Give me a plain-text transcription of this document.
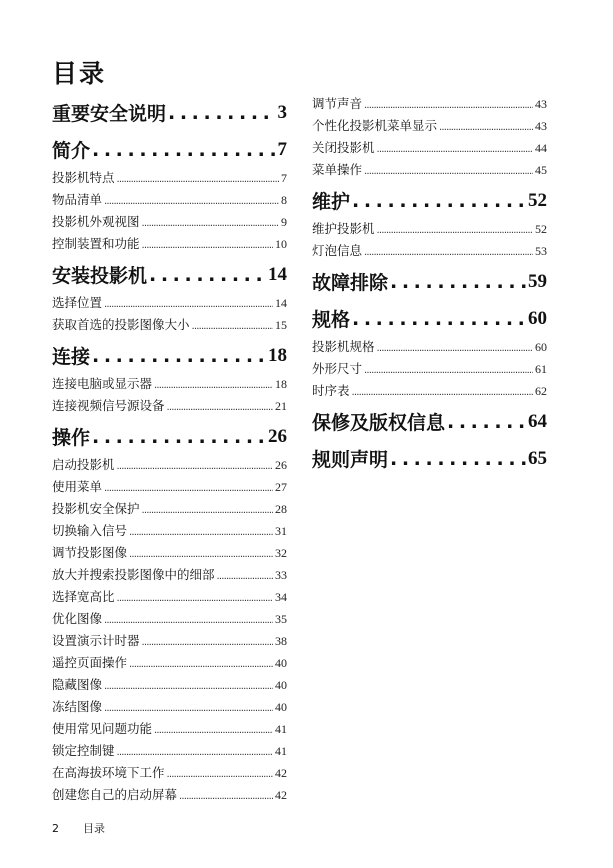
目录
重要安全说明 . . .	3
简介 . . .	7
投影机特点 . . .	7
物品清单 . . .	8
投影机外观视图 . . .	9
控制装置和功能 . . .	10
安装投影机 . . .	14
选择位置 . . .	14
获取首选的投影图像大小 . . .	15
连接 . . .	18
连接电脑或显示器 . . .	18
连接视频信号源设备 . . .	21
操作 . . .	26
启动投影机 . . .	26
使用菜单 . . .	27
投影机安全保护 . . .	28
切换输入信号 . . .	31
调节投影图像 . . .	32
放大并搜索投影图像中的细部 . . .	33
选择宽高比 . . .	34
优化图像 . . .	35
设置演示计时器 . . .	38
遥控页面操作 . . .	40
隐藏图像 . . .	40
冻结图像 . . .	40
使用常见问题功能 . . .	41
锁定控制键 . . .	41
在高海拔环境下工作 . . .	42
创建您自己的启动屏幕 . . .	42
调节声音 . . .	43
个性化投影机菜单显示 . . .	43
关闭投影机 . . .	44
菜单操作 . . .	45
维护 . . .	52
维护投影机 . . .	52
灯泡信息 . . .	53
故障排除 . . .	59
规格 . . .	60
投影机规格 . . .	60
外形尺寸 . . .	61
时序表 . . .	62
保修及版权信息 . . .	64
规则声明 . . .	65
2 目录
